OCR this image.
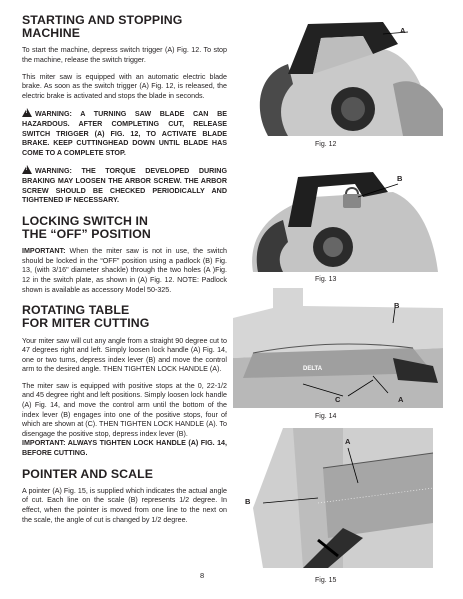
STARTING AND STOPPING MACHINE

To start the machine, depress switch trigger (A) Fig. 12. To stop the machine, release the switch trigger.

This miter saw is equipped with an automatic electric blade brake. As soon as the switch trigger (A) Fig. 12, is released, the electric brake is activated and stops the blade in seconds.

!WARNING: A TURNING SAW BLADE CAN BE HAZARDOUS. AFTER COMPLETING CUT, RELEASE SWITCH TRIGGER (A) FIG. 12, TO ACTIVATE BLADE BRAKE. KEEP CUTTINGHEAD DOWN UNTIL BLADE HAS COME TO A COMPLETE STOP.
!WARNING: THE TORQUE DEVELOPED DURING BRAKING MAY LOOSEN THE ARBOR SCREW. THE ARBOR SCREW SHOULD BE CHECKED PERIODICALLY AND TIGHTENED IF NECESSARY.
LOCKING SWITCH IN
THE “OFF” POSITION

IMPORTANT: When the miter saw is not in use, the switch should be locked in the “OFF” position using a padlock (B) Fig. 13, (with 3/16" diameter shackle) through the two holes (A )Fig. 12 in the switch plate, as shown in (A) Fig. 12. NOTE: Padlock shown is available as accessory Model 50-325.

ROTATING TABLE
FOR MITER CUTTING

Your miter saw will cut any angle from a straight 90 degree cut to 47 degrees right and left. Simply loosen lock handle (A) Fig. 14, one or two turns, depress index lever (B) and move the control arm to the desired angle. THEN TIGHTEN LOCK HANDLE (A).

The miter saw is equipped with positive stops at the 0, 22-1/2 and 45 degree right and left positions. Simply loosen lock handle (A) Fig. 14, and move the control arm until the bottom of the index lever (B) engages into one of the positive stops, four of which are shown at (C). THEN TIGHTEN LOCK HANDLE (A). To disengage the positive stop, depress index lever (B).

IMPORTANT: ALWAYS TIGHTEN LOCK HANDLE (A) FIG. 14, BEFORE CUTTING.

POINTER AND SCALE

A pointer (A) Fig. 15, is supplied which indicates the actual angle of cut. Each line on the scale (B) represents 1/2 degree. In effect, when the pointer is moved from one line to the next on the scale, the angle of cut is changed by 1/2 degree.

A
Fig. 12
B
Fig. 13
DELTA
B
C	A
Fig. 14
A
B
Fig. 15
8
